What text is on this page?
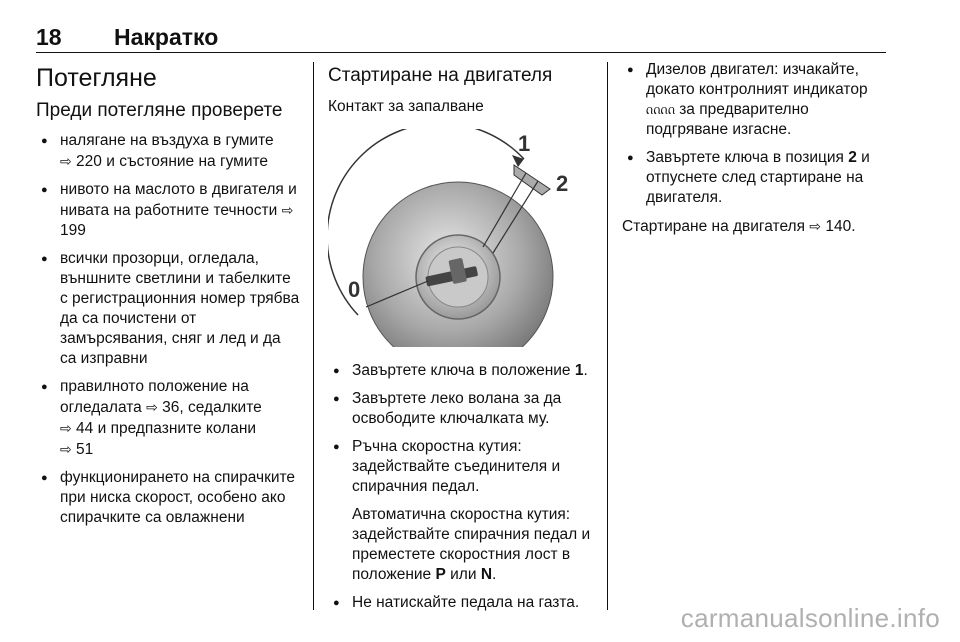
18 Накратко
Потегляне
Преди потегляне проверете
● налягане на въздуха в гумите
⇨ 220 и състояние на гумите
● нивото на маслото в двигателя и нивата на работните течности ⇨ 199
● всички прозорци, огледала, външните светлини и табелките с регистрационния номер трябва да са почистени от замърсявания, сняг и лед и да са изправни
● правилното положение на огледалата ⇨ 36, седалките
⇨ 44 и предпазните колани
⇨ 51
● функционирането на спирачките при ниска скорост, особено ако спирачките са овлажнени
Стартиране на двигателя
Контакт за запалване
0
1
2
● Завъртете ключа в положение 1.
● Завъртете леко волана за да освободите ключалката му.

● Ръчна скоростна кутия: задействайте съединителя и спирачния педал.

Автоматична скоростна кутия: задействайте спирачния педал и преместете скоростния лост в положение P или N.
● Не натискайте педала на газта.
● Дизелов двигател: изчакайте, докато контролният индикатор ᦶᦶ за предварително подгряване изгасне.
● Завъртете ключа в позиция 2 и отпуснете след стартиране на двигателя.

Стартиране на двигателя ⇨ 140.

carmanualsonline.info
